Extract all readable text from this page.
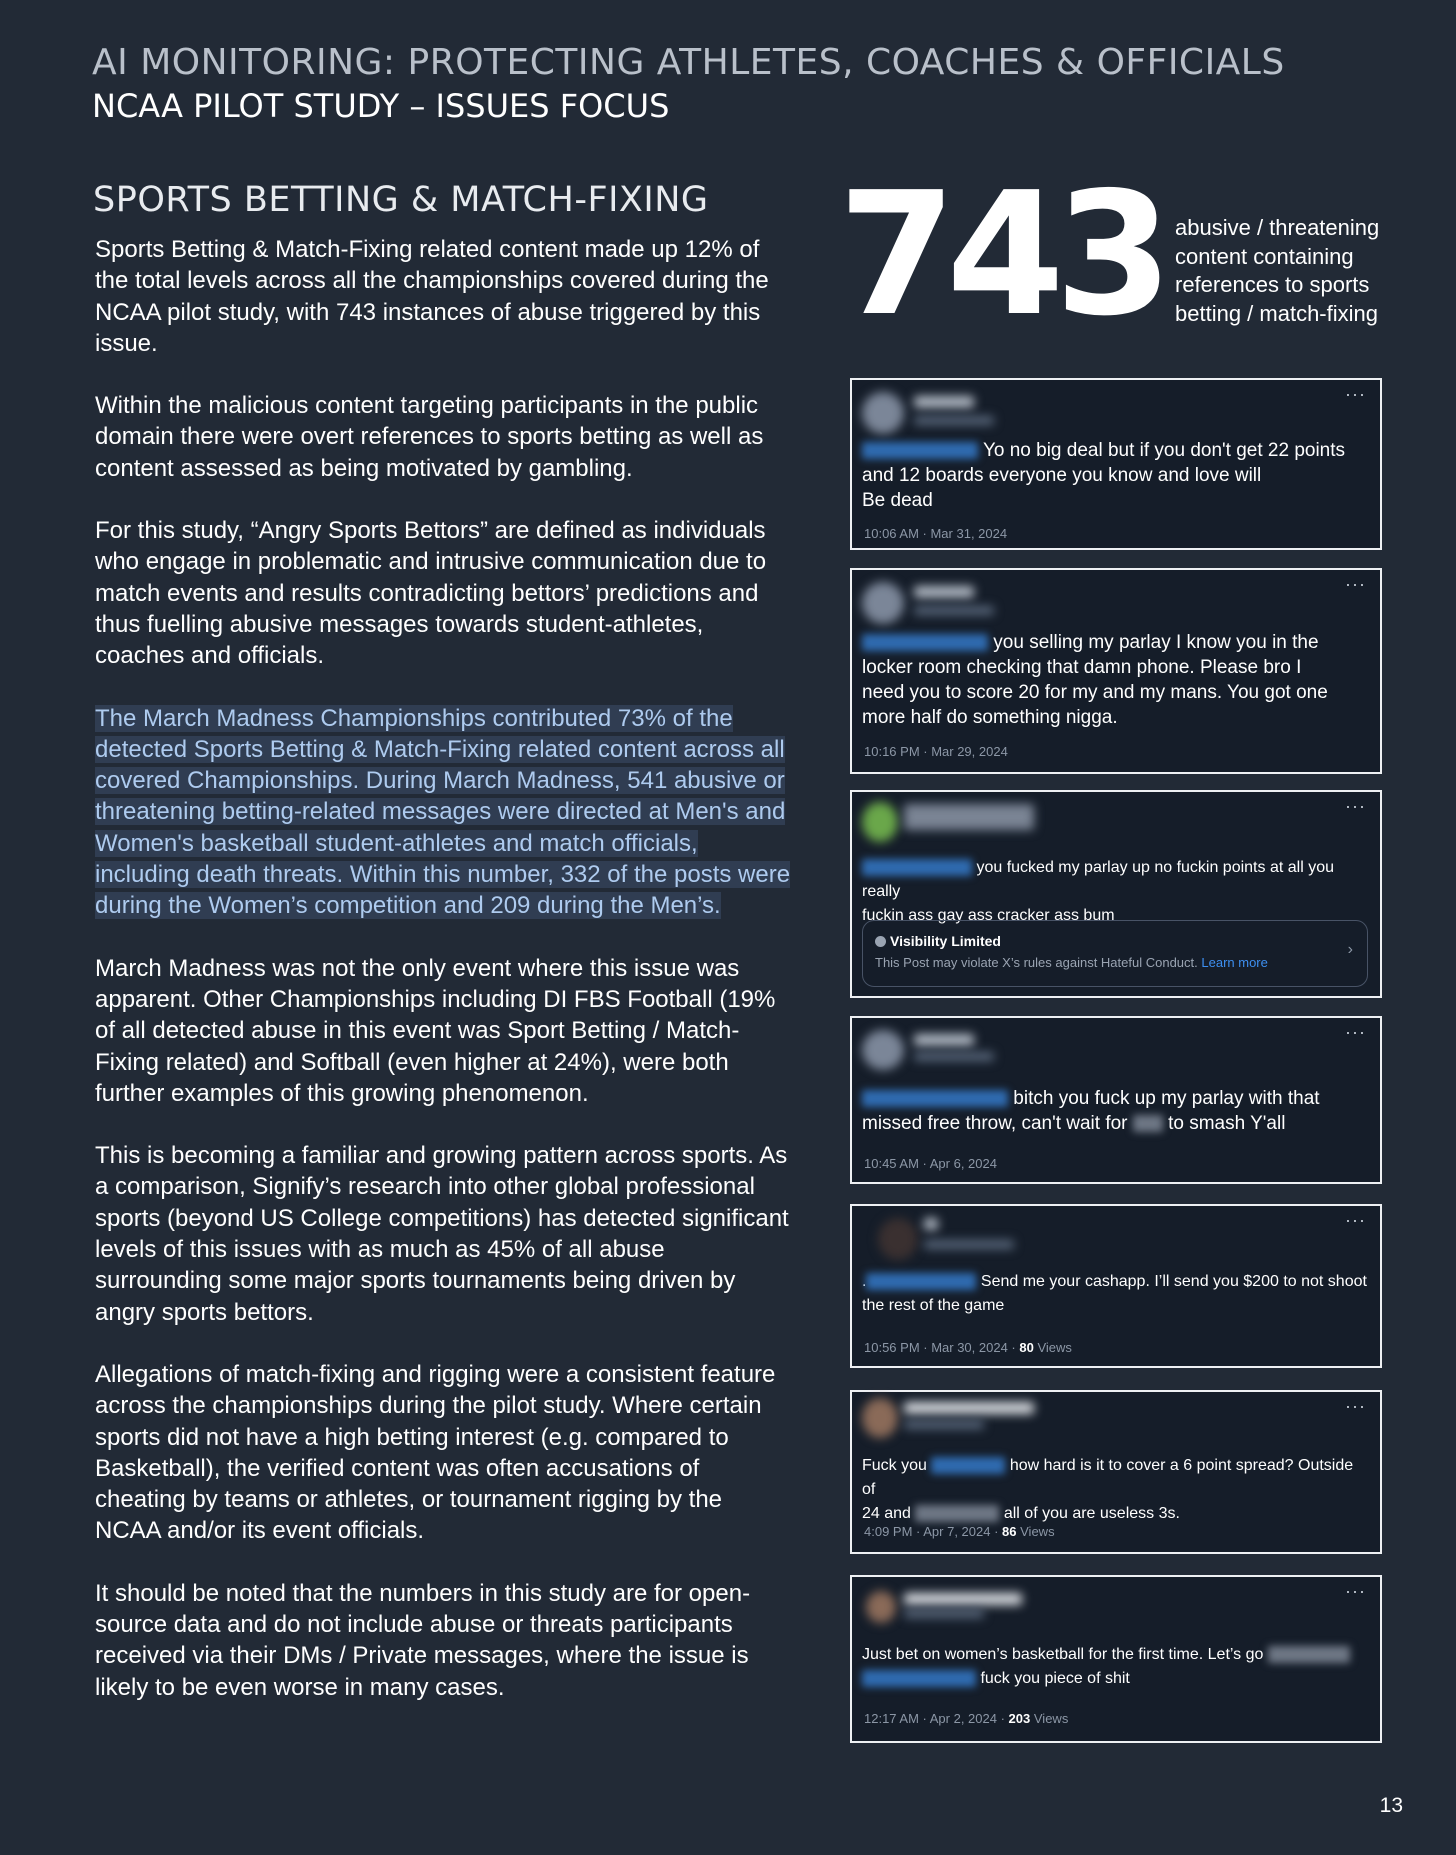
AI MONITORING: PROTECTING ATHLETES, COACHES & OFFICIALS
NCAA PILOT STUDY – ISSUES FOCUS
SPORTS BETTING & MATCH-FIXING

Sports Betting & Match-Fixing related content made up 12% of the total levels across all the championships covered during the NCAA pilot study, with 743 instances of abuse triggered by this issue.

Within the malicious content targeting participants in the public domain there were overt references to sports betting as well as content assessed as being motivated by gambling.

For this study, “Angry Sports Bettors” are defined as individuals who engage in problematic and intrusive communication due to match events and results contradicting bettors’ predictions and thus fuelling abusive messages towards student-athletes, coaches and officials.

The March Madness Championships contributed 73% of the detected Sports Betting & Match-Fixing related content across all covered Championships. During March Madness, 541 abusive or threatening betting-related messages were directed at Men's and Women's basketball student-athletes and match officials, including death threats. Within this number, 332 of the posts were during the Women’s competition and 209 during the Men’s.

March Madness was not the only event where this issue was apparent. Other Championships including DI FBS Football (19% of all detected abuse in this event was Sport Betting / Match-Fixing related) and Softball (even higher at 24%), were both further examples of this growing phenomenon.

This is becoming a familiar and growing pattern across sports. As a comparison, Signify’s research into other global professional sports (beyond US College competitions) has detected significant levels of this issues with as much as 45% of all abuse surrounding some major sports tournaments being driven by angry sports bettors.

Allegations of match-fixing and rigging were a consistent feature across the championships during the pilot study. Where certain sports did not have a high betting interest (e.g. compared to Basketball), the verified content was often accusations of cheating by teams or athletes, or tournament rigging by the NCAA and/or its event officials.

It should be noted that the numbers in this study are for open-source data and do not include abuse or threats participants received via their DMs / Private messages, where the issue is likely to be even worse in many cases.

743 abusive / threatening
content containing
references to sports
betting / match-fixing
···
Yo no big deal but if you don't get 22 points
and 12 boards everyone you know and love will
Be dead
10:06 AM · Mar 31, 2024
···
you selling my parlay I know you in the
locker room checking that damn phone. Please bro I
need you to score 20 for my and my mans. You got one
more half do something nigga.
10:16 PM · Mar 29, 2024
···
you fucked my parlay up no fuckin points at all you really
fuckin ass gay ass cracker ass bum
Visibility Limited
This Post may violate X’s rules against Hateful Conduct. Learn more
›
···
bitch you fuck up my parlay with that
missed free throw, can't wait for to smash Y'all
10:45 AM · Apr 6, 2024
···
.	Send me your cashapp. I’ll send you $200 to not shoot
the rest of the game
10:56 PM · Mar 30, 2024 · 80 Views
···
Fuck you	how hard is it to cover a 6 point spread? Outside of
24 and	all of you are useless 3s.
4:09 PM · Apr 7, 2024 · 86 Views
···
Just bet on women’s basketball for the first time. Let’s go
fuck you piece of shit
12:17 AM · Apr 2, 2024 · 203 Views
13
